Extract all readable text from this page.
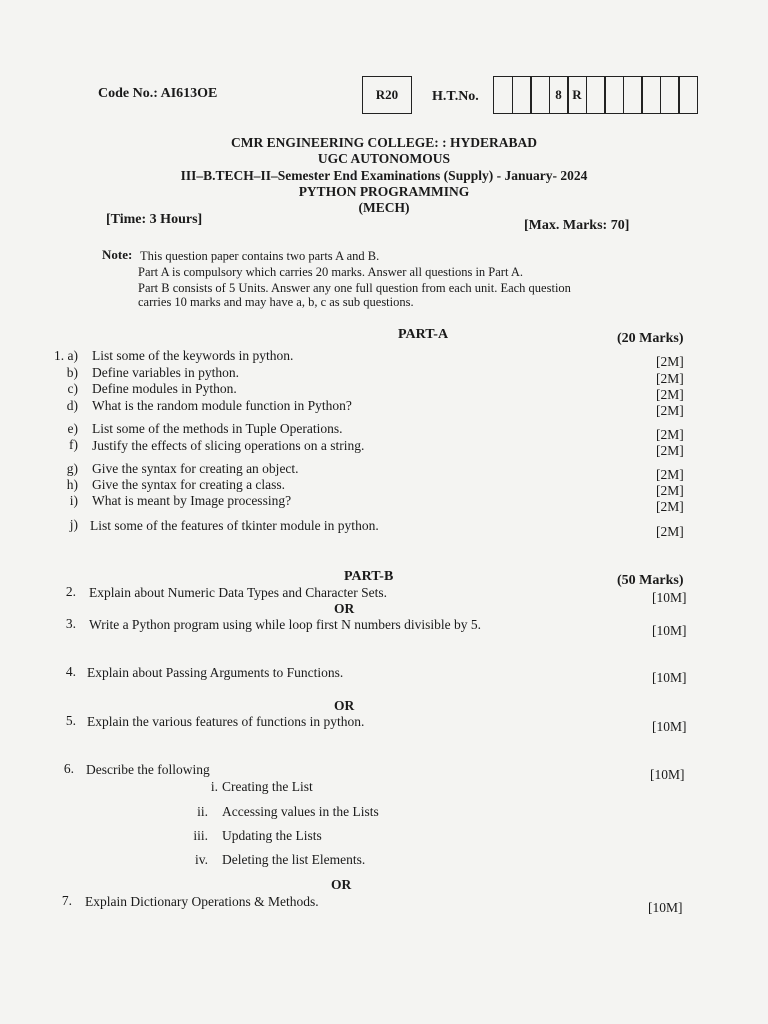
Code No.: AI613OE	R20	H.T.No.	8 R
CMR ENGINEERING COLLEGE: : HYDERABAD
UGC AUTONOMOUS
III–B.TECH–II–Semester End Examinations (Supply) - January- 2024
PYTHON PROGRAMMING
(MECH)
[Time: 3 Hours]	[Max. Marks: 70]
Note: This question paper contains two parts A and B.
Part A is compulsory which carries 20 marks. Answer all questions in Part A.
Part B consists of 5 Units. Answer any one full question from each unit. Each question
carries 10 marks and may have a, b, c as sub questions.
PART-A	(20 Marks)
1. a) List some of the keywords in python.	[2M]
b) Define variables in python.	[2M]
c) Define modules in Python.	[2M]
d) What is the random module function in Python?	[2M]
e) List some of the methods in Tuple Operations.	[2M]
f) Justify the effects of slicing operations on a string.	[2M]
g) Give the syntax for creating an object.	[2M]
h) Give the syntax for creating a class.	[2M]
i) What is meant by Image processing?	[2M]
j) List some of the features of tkinter module in python.	[2M]
PART-B	(50 Marks)
2. Explain about Numeric Data Types and Character Sets.	[10M]
OR
3. Write a Python program using while loop first N numbers divisible by 5.	[10M]
4. Explain about Passing Arguments to Functions.	[10M]
OR
5. Explain the various features of functions in python.	[10M]
6. Describe the following	[10M]
i. Creating the List
ii. Accessing values in the Lists
iii. Updating the Lists
iv. Deleting the list Elements.
OR
7. Explain Dictionary Operations & Methods.	[10M]
